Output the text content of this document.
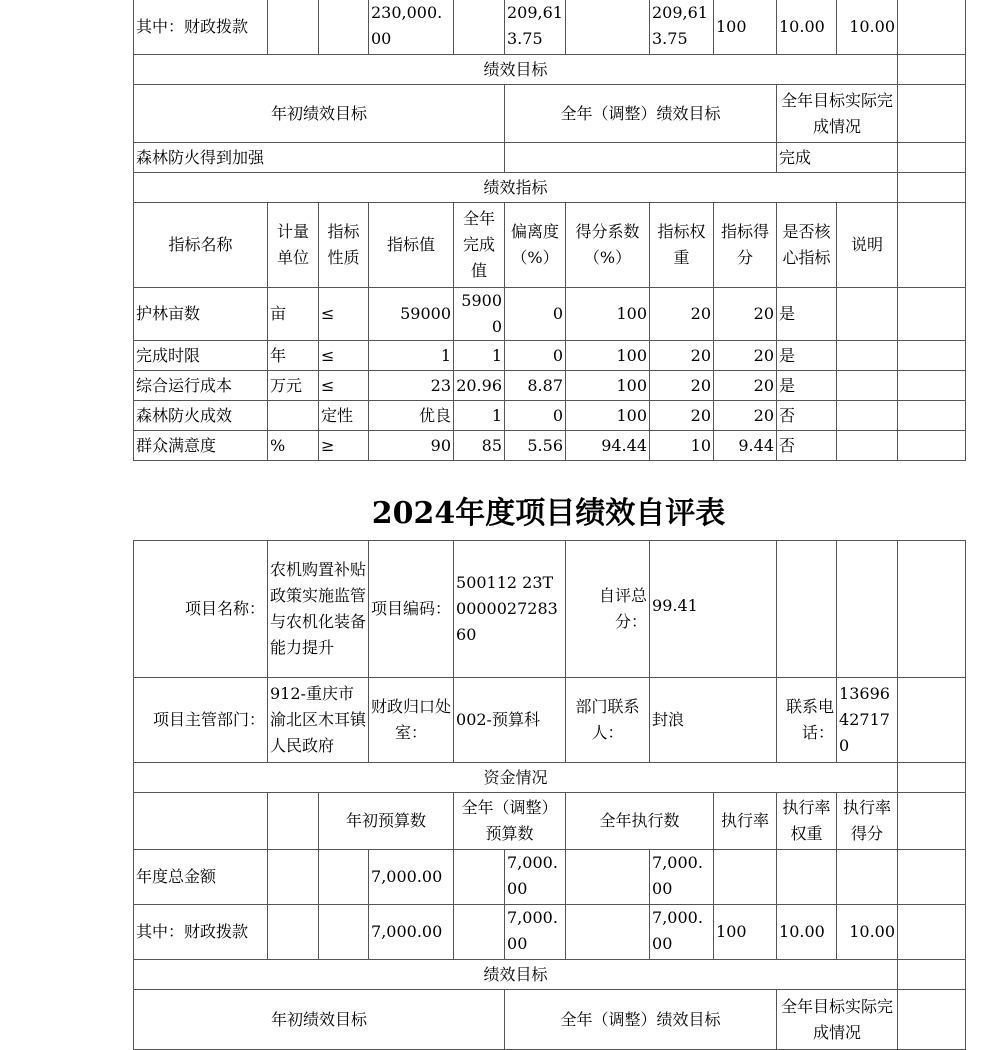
其中：财政拨款			230,000.00		209,613.75		209,613.75	100	10.00	10.00	
绩效目标											
年初绩效目标					全年（调整）绩效目标				全年目标实际完成情况		
森林防火得到加强									完成		
绩效指标											
指标名称	计量单位	指标性质	指标值	全年完成值	偏离度（%）	得分系数（%）	指标权重	指标得分	是否核心指标	说明	
护林亩数	亩	≤	59000	59000	0	100	20	20	是		
完成时限	年	≤	1	1	0	100	20	20	是		
综合运行成本	万元	≤	23	20.96	8.87	100	20	20	是		
森林防火成效		定性	优良	1	0	100	20	20	否		
群众满意度	%	≥	90	85	5.56	94.44	10	9.44	否		
2024年度项目绩效自评表
项目名称：	农机购置补贴政策实施监管与农机化装备能力提升		项目编码：	500112 23T000002728360		自评总分：	99.41				
项目主管部门：	912-重庆市渝北区木耳镇人民政府		财政归口处室：	002-预算科		部门联系人：	封浪		联系电话：	13696427170	
资金情况											
		年初预算数		全年（调整）预算数		全年执行数		执行率	执行率权重	执行率得分	
年度总金额			7,000.00		7,000.00		7,000.00				
其中：财政拨款			7,000.00		7,000.00		7,000.00	100	10.00	10.00	
绩效目标											
年初绩效目标					全年（调整）绩效目标				全年目标实际完成情况		
